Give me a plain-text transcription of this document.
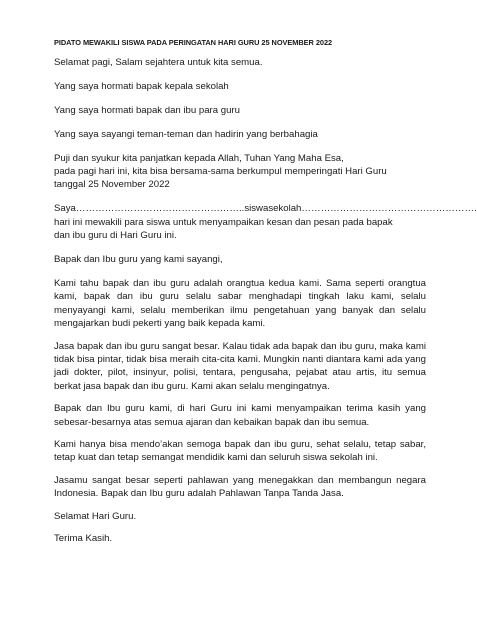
PIDATO MEWAKILI SISWA PADA PERINGATAN HARI GURU 25 NOVEMBER 2022

Selamat pagi, Salam sejahtera untuk kita semua.

Yang saya hormati bapak kepala sekolah

Yang saya hormati bapak dan ibu para guru

Yang saya sayangi teman-teman dan hadirin yang berbahagia

Puji dan syukur kita panjatkan kepada Allah, Tuhan Yang Maha Esa,

pada pagi hari ini, kita bisa bersama-sama berkumpul memperingati Hari Guru

tanggal 25 November 2022

Saya ……………………………………………..siswa sekolah ……………………………………………….

hari ini mewakili para siswa untuk menyampaikan kesan dan pesan pada bapak

dan ibu guru di Hari Guru ini.

Bapak dan Ibu guru yang kami sayangi,

Kami tahu bapak dan ibu guru adalah orangtua kedua kami. Sama seperti orangtua kami, bapak dan ibu guru selalu sabar menghadapi tingkah laku kami, selalu menyayangi kami, selalu memberikan ilmu pengetahuan yang banyak dan selalu mengajarkan budi pekerti yang baik kepada kami.

Jasa bapak dan ibu guru sangat besar. Kalau tidak ada bapak dan ibu guru, maka kami tidak bisa pintar, tidak bisa meraih cita-cita kami. Mungkin nanti diantara kami ada yang jadi dokter, pilot, insinyur, polisi, tentara, pengusaha, pejabat atau artis, itu semua berkat jasa bapak dan ibu guru. Kami akan selalu mengingatnya.

Bapak dan Ibu guru kami, di hari Guru ini kami menyampaikan terima kasih yang sebesar-besarnya atas semua ajaran dan kebaikan bapak dan ibu semua.

Kami hanya bisa mendo’akan semoga bapak dan ibu guru, sehat selalu, tetap sabar, tetap kuat dan tetap semangat mendidik kami dan seluruh siswa sekolah ini.

Jasamu sangat besar seperti pahlawan yang menegakkan dan membangun negara Indonesia. Bapak dan Ibu guru adalah Pahlawan Tanpa Tanda Jasa.

Selamat Hari Guru.

Terima Kasih.
